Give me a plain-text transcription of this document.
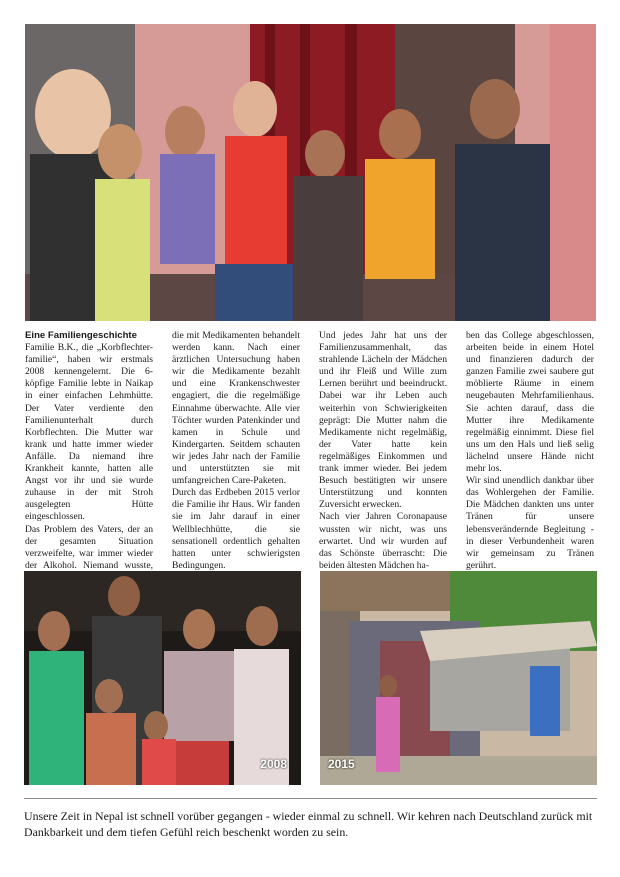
Eine Familiengeschichte

Familie B.K., die „Korbflechter-familie“, haben wir erstmals 2008 kennengelernt. Die 6-köpfige Familie lebte in Naikap in einer einfachen Lehmhütte. Der Vater verdiente den Familienunterhalt durch Korbflechten. Die Mutter war krank und hatte immer wieder Anfälle. Da niemand ihre Krankheit kannte, hatten alle Angst vor ihr und sie wurde zuhause in der mit Stroh ausgelegten Hütte eingeschlossen.

Das Problem des Vaters, der an der gesamten Situation verzweifelte, war immer wieder der Alkohol. Niemand wusste,

die mit Medikamenten behandelt werden kann. Nach einer ärztlichen Untersuchung haben wir die Medikamente bezahlt und eine Krankenschwester engagiert, die die regelmäßige Einnahme überwachte. Alle vier Töchter wurden Patenkinder und kamen in Schule und Kindergarten. Seitdem schauten wir jedes Jahr nach der Familie und unterstützten sie mit umfangreichen Care-Paketen.

Durch das Erdbeben 2015 verlor die Familie ihr Haus. Wir fanden sie im Jahr darauf in einer Wellblechhütte, die sie sensationell ordentlich gehalten hatten unter schwierigsten Bedingungen.

Und jedes Jahr hat uns der Familienzusammenhalt, das strahlende Lächeln der Mädchen und ihr Fleiß und Wille zum Lernen berührt und beeindruckt. Dabei war ihr Leben auch weiterhin von Schwierigkeiten geprägt: Die Mutter nahm die Medikamente nicht regelmäßig, der Vater hatte kein regelmäßiges Einkommen und trank immer wieder. Bei jedem Besuch bestätigten wir unsere Unterstützung und konnten Zuversicht erwecken.

Nach vier Jahren Coronapause wussten wir nicht, was uns erwartet. Und wir wurden auf das Schönste überrascht: Die beiden ältesten Mädchen ha-

ben das College abgeschlossen, arbeiten beide in einem Hotel und finanzieren dadurch der ganzen Familie zwei saubere gut möblierte Räume in einem neugebauten Mehrfamilienhaus. Sie achten darauf, dass die Mutter ihre Medikamente regelmäßig einnimmt. Diese fiel uns um den Hals und ließ selig lächelnd unsere Hände nicht mehr los.

Wir sind unendlich dankbar über das Wohlergehen der Familie. Die Mädchen dankten uns unter Tränen für unsere lebensverändernde Begleitung - in dieser Verbundenheit waren wir gemeinsam zu Tränen gerührt.

2008	2015

Unsere Zeit in Nepal ist schnell vorüber gegangen - wieder einmal zu schnell. Wir kehren nach Deutschland zurück mit Dankbarkeit und dem tiefen Gefühl reich beschenkt worden zu sein.
